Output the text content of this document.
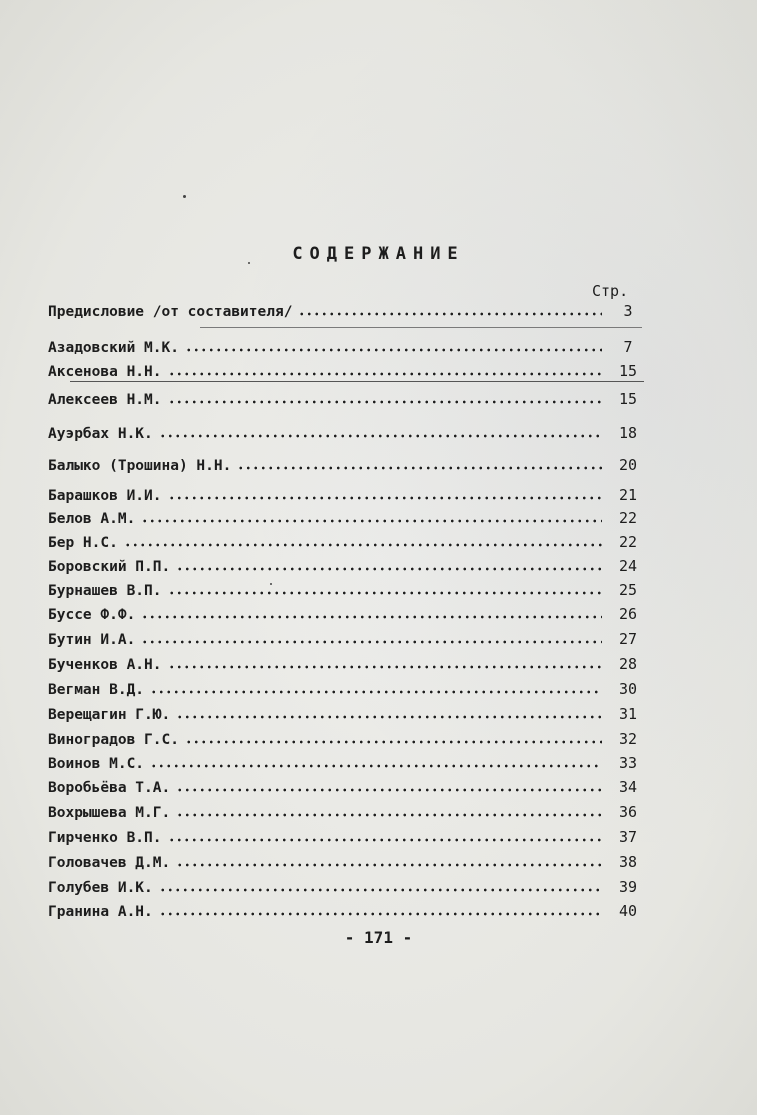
СОДЕРЖАНИЕ
Стр.
Предисловие /от составителя/	3
Азадовский М.К.	7
Аксенова Н.Н.	15
Алексеев Н.М.	15
Ауэрбах Н.К.	18
Балыко (Трошина) Н.Н.	20
Барашков И.И.	21
Белов А.М.	22
Бер Н.С.	22
Боровский П.П.	24
Бурнашев В.П.	25
Буссе Ф.Ф.	26
Бутин И.А.	27
Бученков А.Н.	28
Вегман В.Д.	30
Верещагин Г.Ю.	31
Виноградов Г.С.	32
Воинов М.С.	33
Воробьёва Т.А.	34
Вохрышева М.Г.	36
Гирченко В.П.	37
Головачев Д.М.	38
Голубев И.К.	39
Гранина А.Н.	40
- 171 -
